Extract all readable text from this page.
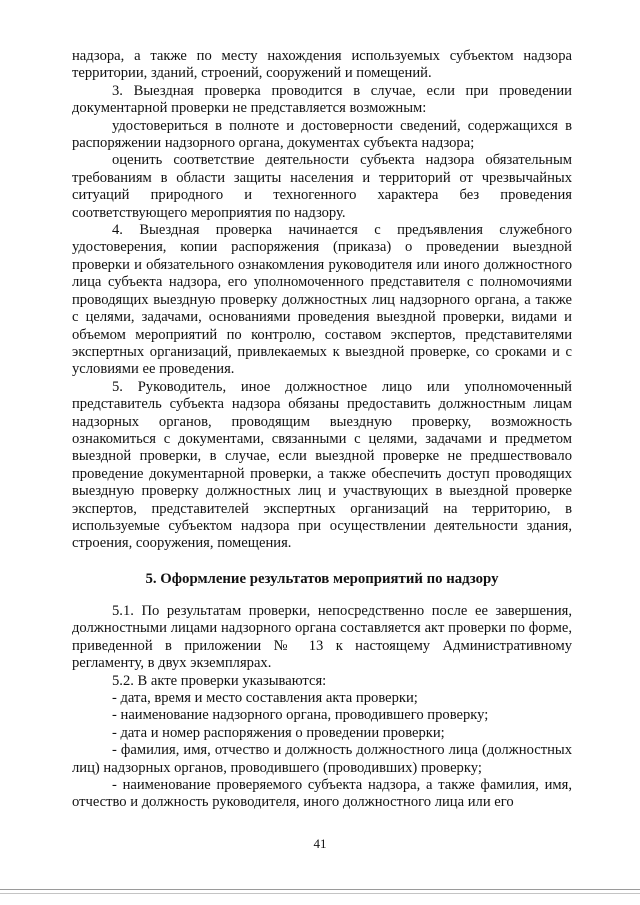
надзора, а также по месту нахождения используемых субъектом надзора территории, зданий, строений, сооружений и помещений.

3. Выездная проверка проводится в случае, если при проведении документарной проверки не представляется возможным:

удостовериться в полноте и достоверности сведений, содержащихся в распоряжении надзорного органа, документах субъекта надзора;

оценить соответствие деятельности субъекта надзора обязательным требованиям в области защиты населения и территорий от чрезвычайных ситуаций природного и техногенного характера без проведения соответствующего мероприятия по надзору.

4. Выездная проверка начинается с предъявления служебного удостоверения, копии распоряжения (приказа) о проведении выездной проверки и обязательного ознакомления руководителя или иного должностного лица субъекта надзора, его уполномоченного представителя с полномочиями проводящих выездную проверку должностных лиц надзорного органа, а также с целями, задачами, основаниями проведения выездной проверки, видами и объемом мероприятий по контролю, составом экспертов, представителями экспертных организаций, привлекаемых к выездной проверке, со сроками и с условиями ее проведения.

5. Руководитель, иное должностное лицо или уполномоченный представитель субъекта надзора обязаны предоставить должностным лицам надзорных органов, проводящим выездную проверку, возможность ознакомиться с документами, связанными с целями, задачами и предметом выездной проверки, в случае, если выездной проверке не предшествовало проведение документарной проверки, а также обеспечить доступ проводящих выездную проверку должностных лиц и участвующих в выездной проверке экспертов, представителей экспертных организаций на территорию, в используемые субъектом надзора при осуществлении деятельности здания, строения, сооружения, помещения.

5. Оформление результатов мероприятий по надзору

5.1. По результатам проверки, непосредственно после ее завершения, должностными лицами надзорного органа составляется акт проверки по форме, приведенной в приложении № 13 к настоящему Административному регламенту, в двух экземплярах.

5.2. В акте проверки указываются:

- дата, время и место составления акта проверки;

- наименование надзорного органа, проводившего проверку;

- дата и номер распоряжения о проведении проверки;

- фамилия, имя, отчество и должность должностного лица (должностных лиц) надзорных органов, проводившего (проводивших) проверку;

- наименование проверяемого субъекта надзора, а также фамилия, имя, отчество и должность руководителя, иного должностного лица или его

41
